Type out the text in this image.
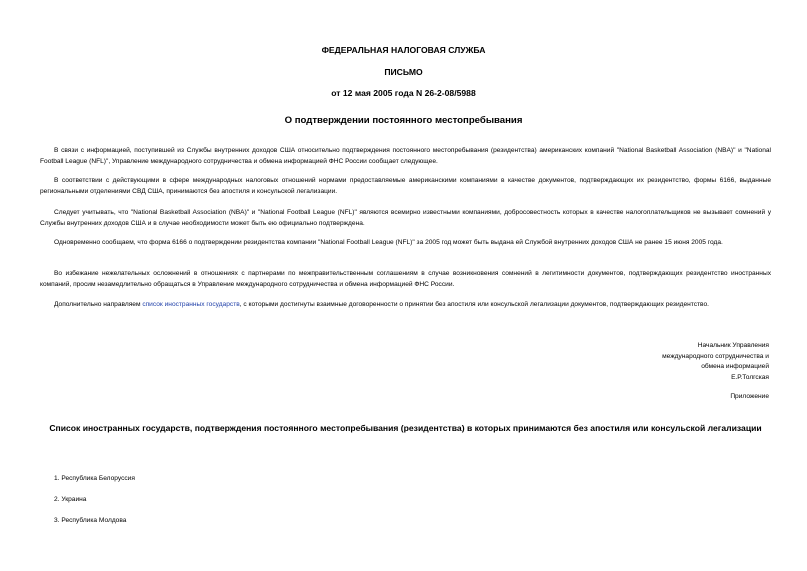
ФЕДЕРАЛЬНАЯ НАЛОГОВАЯ СЛУЖБА
ПИСЬМО
от 12 мая 2005 года N 26-2-08/5988
О подтверждении постоянного местопребывания
В связи с информацией, поступившей из Службы внутренних доходов США относительно подтверждения постоянного местопребывания (резидентства) американских компаний "National Basketball Association (NBA)" и "National Football League (NFL)", Управление международного сотрудничества и обмена информацией ФНС России сообщает следующее.
В соответствии с действующими в сфере международных налоговых отношений нормами предоставляемые американскими компаниями в качестве документов, подтверждающих их резидентство, формы 6166, выданные региональными отделениями СВД США, принимаются без апостиля и консульской легализации.
Следует учитывать, что "National Basketball Association (NBA)" и "National Football League (NFL)" являются всемирно известными компаниями, добросовестность которых в качестве налогоплательщиков не вызывает сомнений у Службы внутренних доходов США и в случае необходимости может быть ею официально подтверждена.
Одновременно сообщаем, что форма 6166 о подтверждении резидентства компании "National Football League (NFL)" за 2005 год может быть выдана ей Службой внутренних доходов США не ранее 15 июня 2005 года.
Во избежание нежелательных осложнений в отношениях с партнерами по межправительственным соглашениям в случае возникновения сомнений в легитимности документов, подтверждающих резидентство иностранных компаний, просим незамедлительно обращаться в Управление международного сотрудничества и обмена информацией ФНС России.
Дополнительно направляем список иностранных государств, с которыми достигнуты взаимные договоренности о принятии без апостиля или консульской легализации документов, подтверждающих резидентство.
Начальник Управления
международного сотрудничества и
обмена информацией
Е.Р.Толгская
Приложение
Список иностранных государств, подтверждения постоянного местопребывания (резидентства) в которых принимаются без апостиля или консульской легализации
1. Республика Белоруссия
2. Украина
3. Республика Молдова
